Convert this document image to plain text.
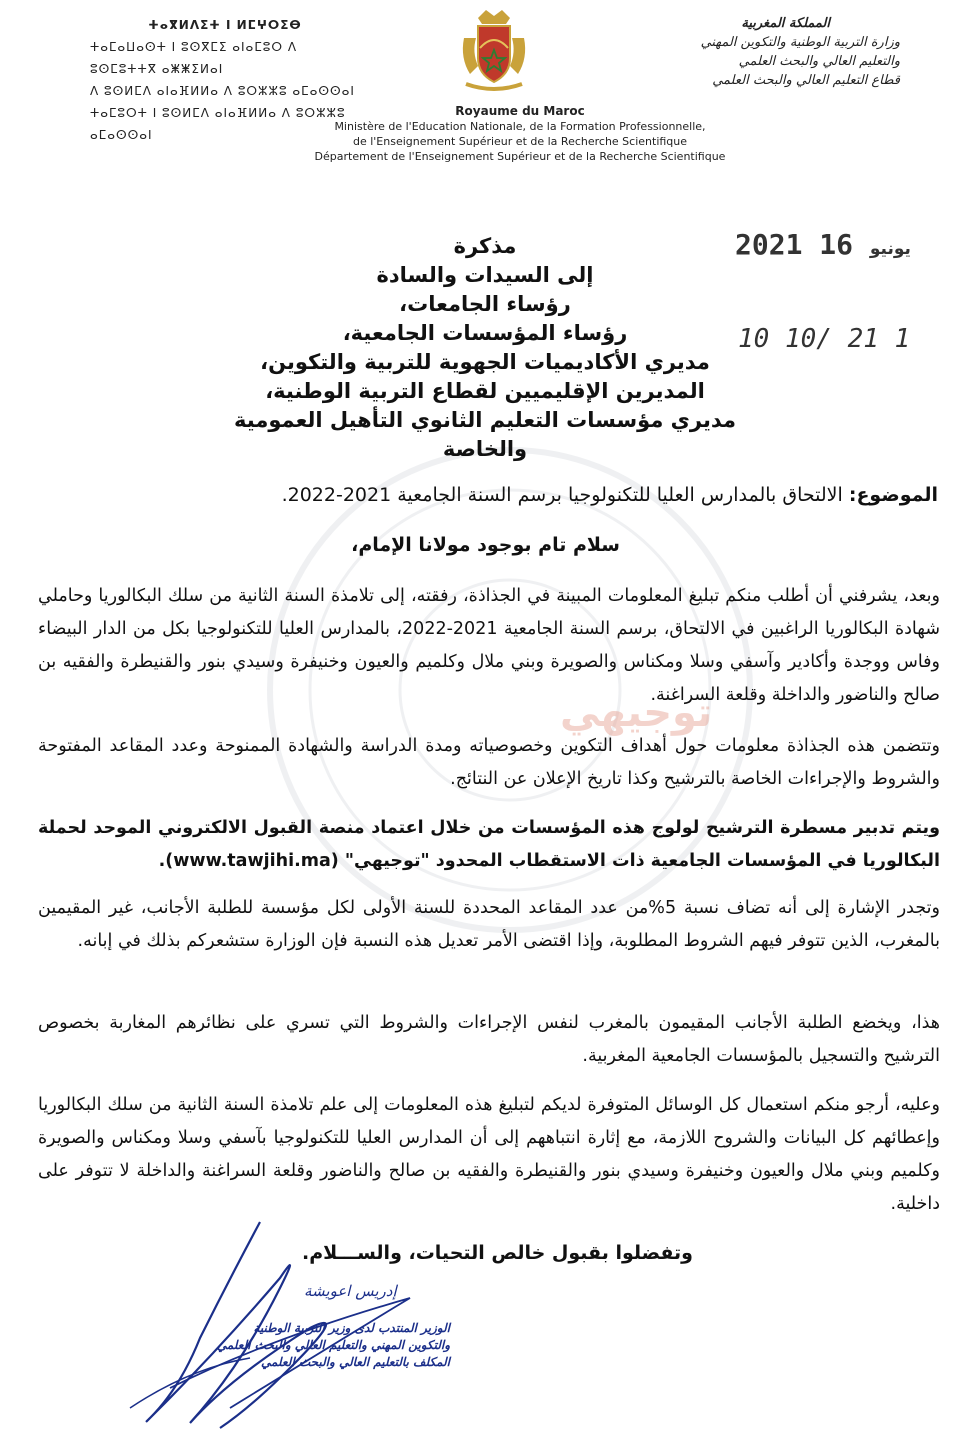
توجيهي
المملكة المغربية
وزارة التربية الوطنية والتكوين المهني
والتعليم العالي والبحث العلمي
قطاع التعليم العالي والبحث العلمي
ⵜⴰⴳⵍⴷⵉⵜ ⵏ ⵍⵎⵖⵔⵉⴱ
ⵜⴰⵎⴰⵡⴰⵙⵜ ⵏ ⵓⵙⴳⵎⵉ ⴰⵏⴰⵎⵓⵔ ⴷ ⵓⵙⵎⵓⵜⵜⴳ ⴰⵥⵥⵉⵍⴰⵏ
ⴷ ⵓⵙⵍⵎⴷ ⴰⵏⴰⴼⵍⵍⴰ ⴷ ⵓⵔⵣⵣⵓ ⴰⵎⴰⵙⵙⴰⵏ
ⵜⴰⵎⵓⵔⵜ ⵏ ⵓⵙⵍⵎⴷ ⴰⵏⴰⴼⵍⵍⴰ ⴷ ⵓⵔⵣⵣⵓ ⴰⵎⴰⵙⵙⴰⵏ
Royaume du Maroc
Ministère de l'Education Nationale, de la Formation Professionnelle,
de l'Enseignement Supérieur et de la Recherche Scientifique
Département de l'Enseignement Supérieur et de la Recherche Scientifique
2021	يونيو 16
10 10/ 21 1
مذكرة
إلى السيدات والسادة
رؤساء الجامعات،
رؤساء المؤسسات الجامعية،
مديري الأكاديميات الجهوية للتربية والتكوين،
المديرين الإقليميين لقطاع التربية الوطنية،
مديري مؤسسات التعليم الثانوي التأهيل العمومية والخاصة
الموضوع: الالتحاق بالمدارس العليا للتكنولوجيا برسم السنة الجامعية 2021-2022.
سلام تام بوجود مولانا الإمام،
وبعد، يشرفني أن أطلب منكم تبليغ المعلومات المبينة في الجذاذة، رفقته، إلى تلامذة السنة الثانية من سلك البكالوريا وحاملي شهادة البكالوريا الراغبين في الالتحاق، برسم السنة الجامعية 2021-2022، بالمدارس العليا للتكنولوجيا بكل من الدار البيضاء وفاس ووجدة وأكادير وآسفي وسلا ومكناس والصويرة وبني ملال وكلميم والعيون وخنيفرة وسيدي بنور والقنيطرة والفقيه بن صالح والناضور والداخلة وقلعة السراغنة.
وتتضمن هذه الجذاذة معلومات حول أهداف التكوين وخصوصياته ومدة الدراسة والشهادة الممنوحة وعدد المقاعد المفتوحة والشروط والإجراءات الخاصة بالترشيح وكذا تاريخ الإعلان عن النتائج.
ويتم تدبير مسطرة الترشيح لولوج هذه المؤسسات من خلال اعتماد منصة القبول الالكتروني الموحد لحملة البكالوريا في المؤسسات الجامعية ذات الاستقطاب المحدود "توجيهي" (www.tawjihi.ma).
وتجدر الإشارة إلى أنه تضاف نسبة 5%من عدد المقاعد المحددة للسنة الأولى لكل مؤسسة للطلبة الأجانب، غير المقيمين بالمغرب، الذين تتوفر فيهم الشروط المطلوبة، وإذا اقتضى الأمر تعديل هذه النسبة فإن الوزارة ستشعركم بذلك في إبانه.
هذا، ويخضع الطلبة الأجانب المقيمون بالمغرب لنفس الإجراءات والشروط التي تسري على نظائرهم المغاربة بخصوص الترشيح والتسجيل بالمؤسسات الجامعية المغربية.
وعليه، أرجو منكم استعمال كل الوسائل المتوفرة لديكم لتبليغ هذه المعلومات إلى علم تلامذة السنة الثانية من سلك البكالوريا وإعطائهم كل البيانات والشروح اللازمة، مع إثارة انتباههم إلى أن المدارس العليا للتكنولوجيا بآسفي وسلا ومكناس والصويرة وكلميم وبني ملال والعيون وخنيفرة وسيدي بنور والقنيطرة والفقيه بن صالح والناضور وقلعة السراغنة والداخلة لا تتوفر على داخلية.
وتفضلوا بقبول خالص التحيات، والســـلام.
إدريس اعويشة
الوزير المنتدب لدى وزير التربية الوطنية
والتكوين المهني والتعليم العالي والبحث العلمي
المكلف بالتعليم العالي والبحث العلمي
